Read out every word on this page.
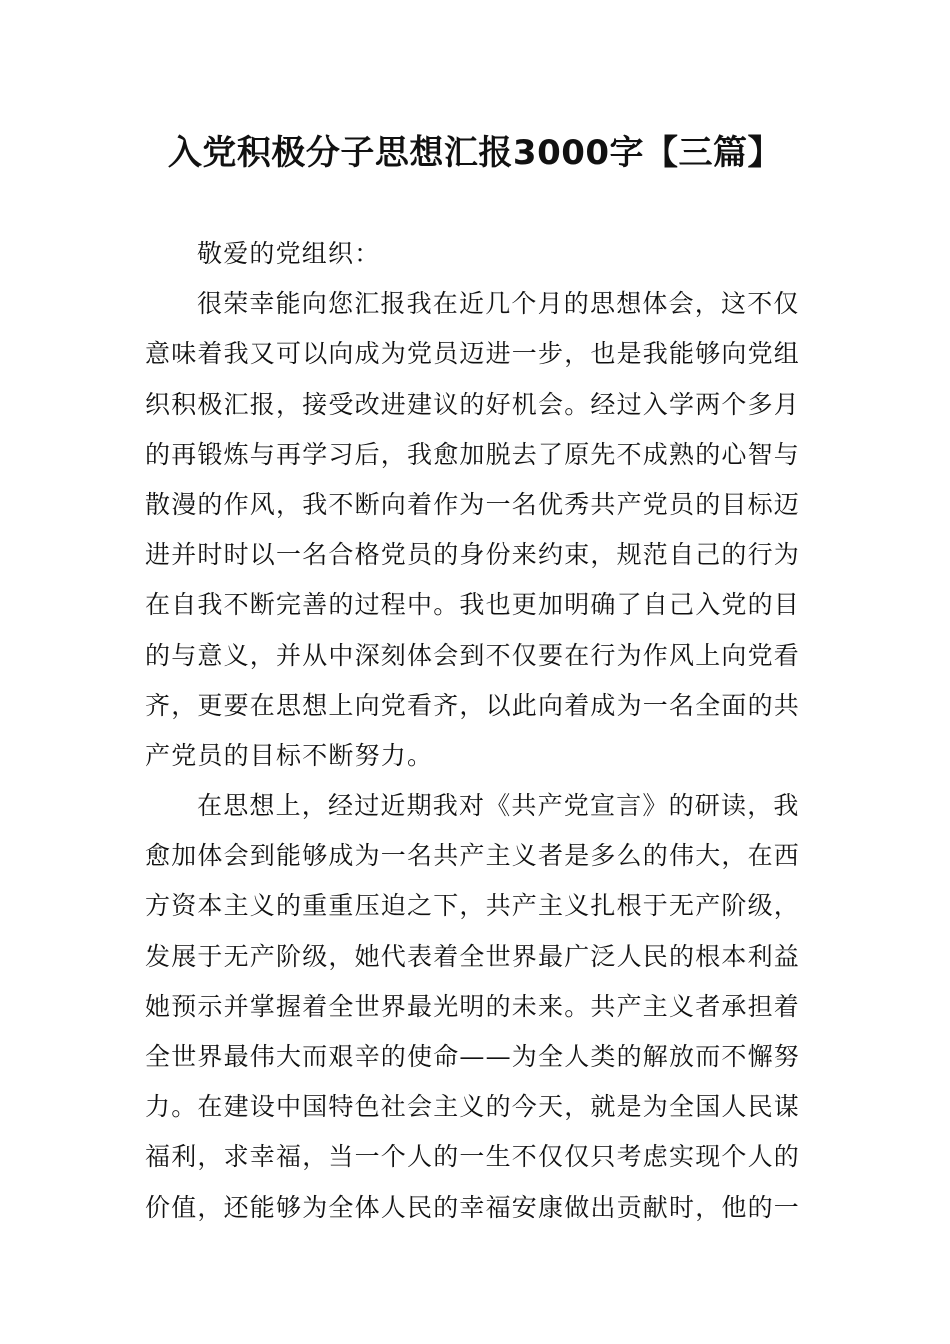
入党积极分子思想汇报3000字【三篇】
敬爱的党组织：
很荣幸能向您汇报我在近几个月的思想体会，这不仅
意味着我又可以向成为党员迈进一步，也是我能够向党组
织积极汇报，接受改进建议的好机会。经过入学两个多月
的再锻炼与再学习后，我愈加脱去了原先不成熟的心智与
散漫的作风，我不断向着作为一名优秀共产党员的目标迈
进并时时以一名合格党员的身份来约束，规范自己的行为
在自我不断完善的过程中。我也更加明确了自己入党的目
的与意义，并从中深刻体会到不仅要在行为作风上向党看
齐，更要在思想上向党看齐，以此向着成为一名全面的共
产党员的目标不断努力。
在思想上，经过近期我对《共产党宣言》的研读，我
愈加体会到能够成为一名共产主义者是多么的伟大，在西
方资本主义的重重压迫之下，共产主义扎根于无产阶级，
发展于无产阶级，她代表着全世界最广泛人民的根本利益
她预示并掌握着全世界最光明的未来。共产主义者承担着
全世界最伟大而艰辛的使命——为全人类的解放而不懈努
力。在建设中国特色社会主义的今天，就是为全国人民谋
福利，求幸福，当一个人的一生不仅仅只考虑实现个人的
价值，还能够为全体人民的幸福安康做出贡献时，他的一
